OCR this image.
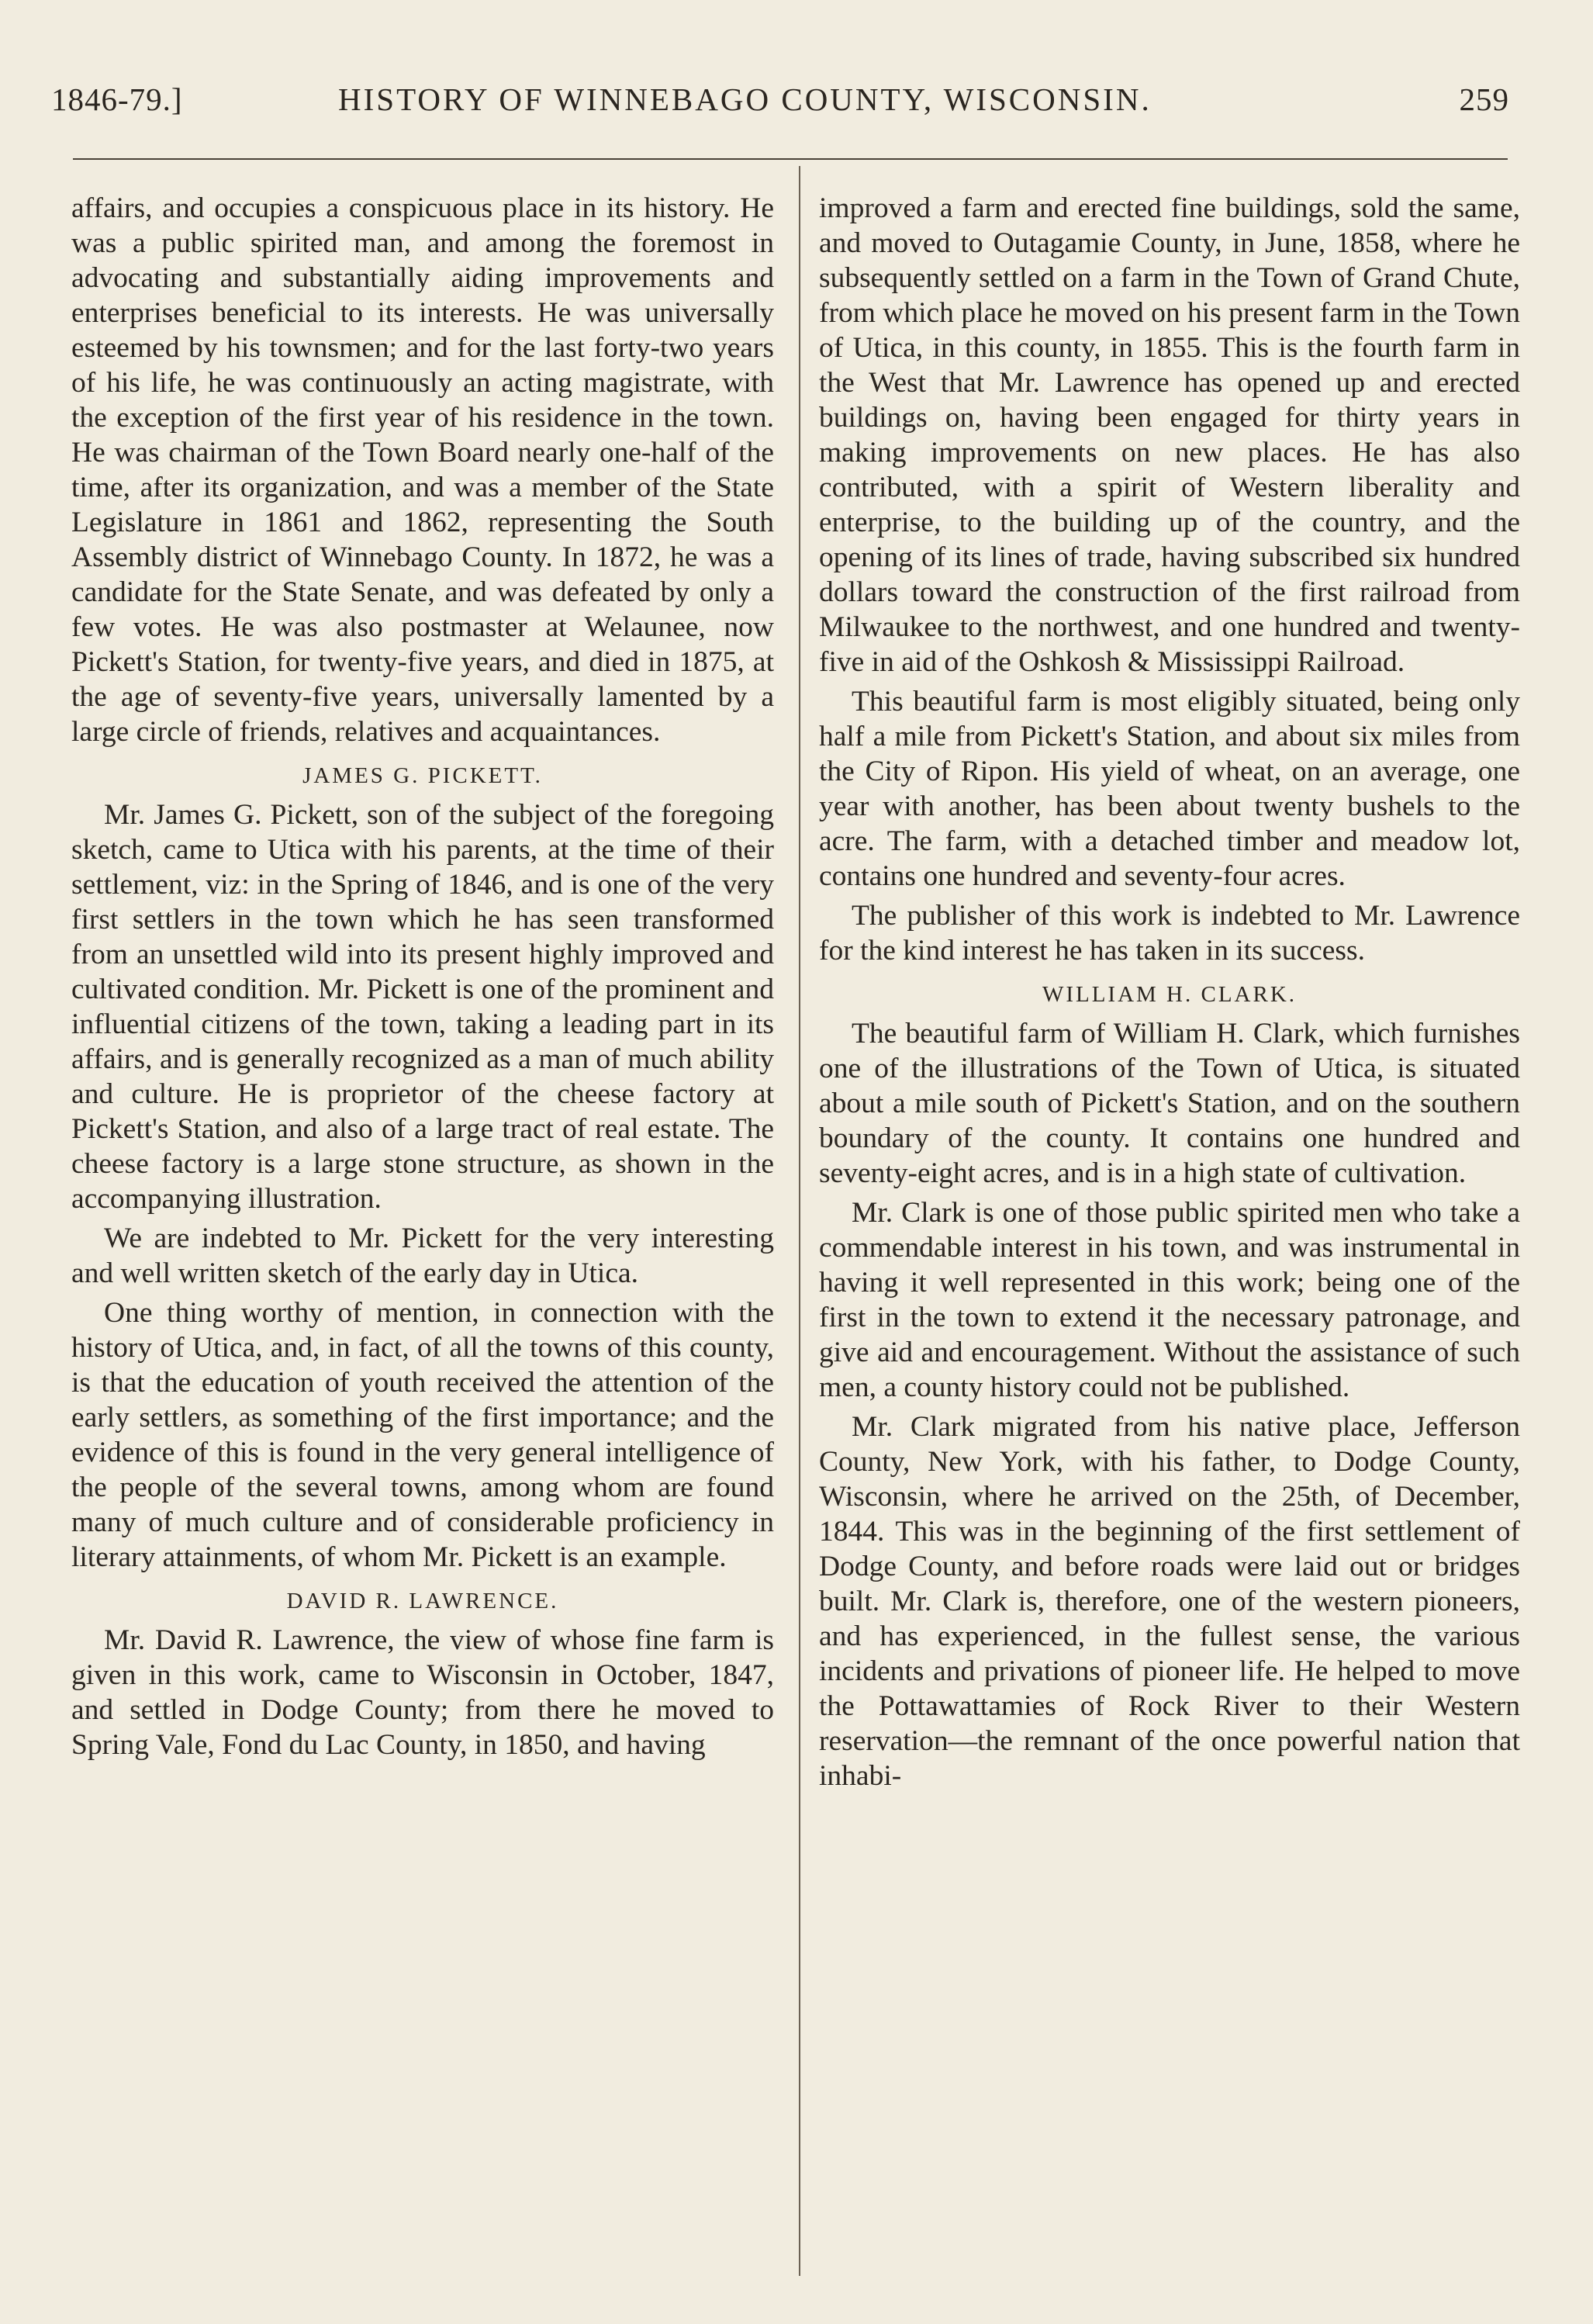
1846-79.]	HISTORY OF WINNEBAGO COUNTY, WISCONSIN.	259

affairs, and occupies a conspicuous place in its history. He was a public spirited man, and among the foremost in advocating and substantially aiding improvements and enterprises beneficial to its interests. He was universally esteemed by his townsmen; and for the last forty-two years of his life, he was continuously an acting magistrate, with the exception of the first year of his residence in the town. He was chairman of the Town Board nearly one-half of the time, after its organization, and was a member of the State Legislature in 1861 and 1862, representing the South Assembly district of Winnebago County. In 1872, he was a candidate for the State Senate, and was defeated by only a few votes. He was also postmaster at Welaunee, now Pickett's Station, for twenty-five years, and died in 1875, at the age of seventy-five years, universally lamented by a large circle of friends, relatives and acquaintances.

JAMES G. PICKETT.

Mr. James G. Pickett, son of the subject of the foregoing sketch, came to Utica with his parents, at the time of their settlement, viz: in the Spring of 1846, and is one of the very first settlers in the town which he has seen transformed from an unsettled wild into its present highly improved and cultivated condition. Mr. Pickett is one of the prominent and influential citizens of the town, taking a leading part in its affairs, and is generally recognized as a man of much ability and culture. He is proprietor of the cheese factory at Pickett's Station, and also of a large tract of real estate. The cheese factory is a large stone structure, as shown in the accompanying illustration.

We are indebted to Mr. Pickett for the very interesting and well written sketch of the early day in Utica.

One thing worthy of mention, in connection with the history of Utica, and, in fact, of all the towns of this county, is that the education of youth received the attention of the early settlers, as something of the first importance; and the evidence of this is found in the very general intelligence of the people of the several towns, among whom are found many of much culture and of considerable proficiency in literary attainments, of whom Mr. Pickett is an example.

DAVID R. LAWRENCE.

Mr. David R. Lawrence, the view of whose fine farm is given in this work, came to Wisconsin in October, 1847, and settled in Dodge County; from there he moved to Spring Vale, Fond du Lac County, in 1850, and having

improved a farm and erected fine buildings, sold the same, and moved to Outagamie County, in June, 1858, where he subsequently settled on a farm in the Town of Grand Chute, from which place he moved on his present farm in the Town of Utica, in this county, in 1855. This is the fourth farm in the West that Mr. Lawrence has opened up and erected buildings on, having been engaged for thirty years in making improvements on new places. He has also contributed, with a spirit of Western liberality and enterprise, to the building up of the country, and the opening of its lines of trade, having subscribed six hundred dollars toward the construction of the first railroad from Milwaukee to the northwest, and one hundred and twenty-five in aid of the Oshkosh & Mississippi Railroad.

This beautiful farm is most eligibly situated, being only half a mile from Pickett's Station, and about six miles from the City of Ripon. His yield of wheat, on an average, one year with another, has been about twenty bushels to the acre. The farm, with a detached timber and meadow lot, contains one hundred and seventy-four acres.

The publisher of this work is indebted to Mr. Lawrence for the kind interest he has taken in its success.

WILLIAM H. CLARK.

The beautiful farm of William H. Clark, which furnishes one of the illustrations of the Town of Utica, is situated about a mile south of Pickett's Station, and on the southern boundary of the county. It contains one hundred and seventy-eight acres, and is in a high state of cultivation.

Mr. Clark is one of those public spirited men who take a commendable interest in his town, and was instrumental in having it well represented in this work; being one of the first in the town to extend it the necessary patronage, and give aid and encouragement. Without the assistance of such men, a county history could not be published.

Mr. Clark migrated from his native place, Jefferson County, New York, with his father, to Dodge County, Wisconsin, where he arrived on the 25th, of December, 1844. This was in the beginning of the first settlement of Dodge County, and before roads were laid out or bridges built. Mr. Clark is, therefore, one of the western pioneers, and has experienced, in the fullest sense, the various incidents and privations of pioneer life. He helped to move the Pottawattamies of Rock River to their Western reservation—the remnant of the once powerful nation that inhabi-
